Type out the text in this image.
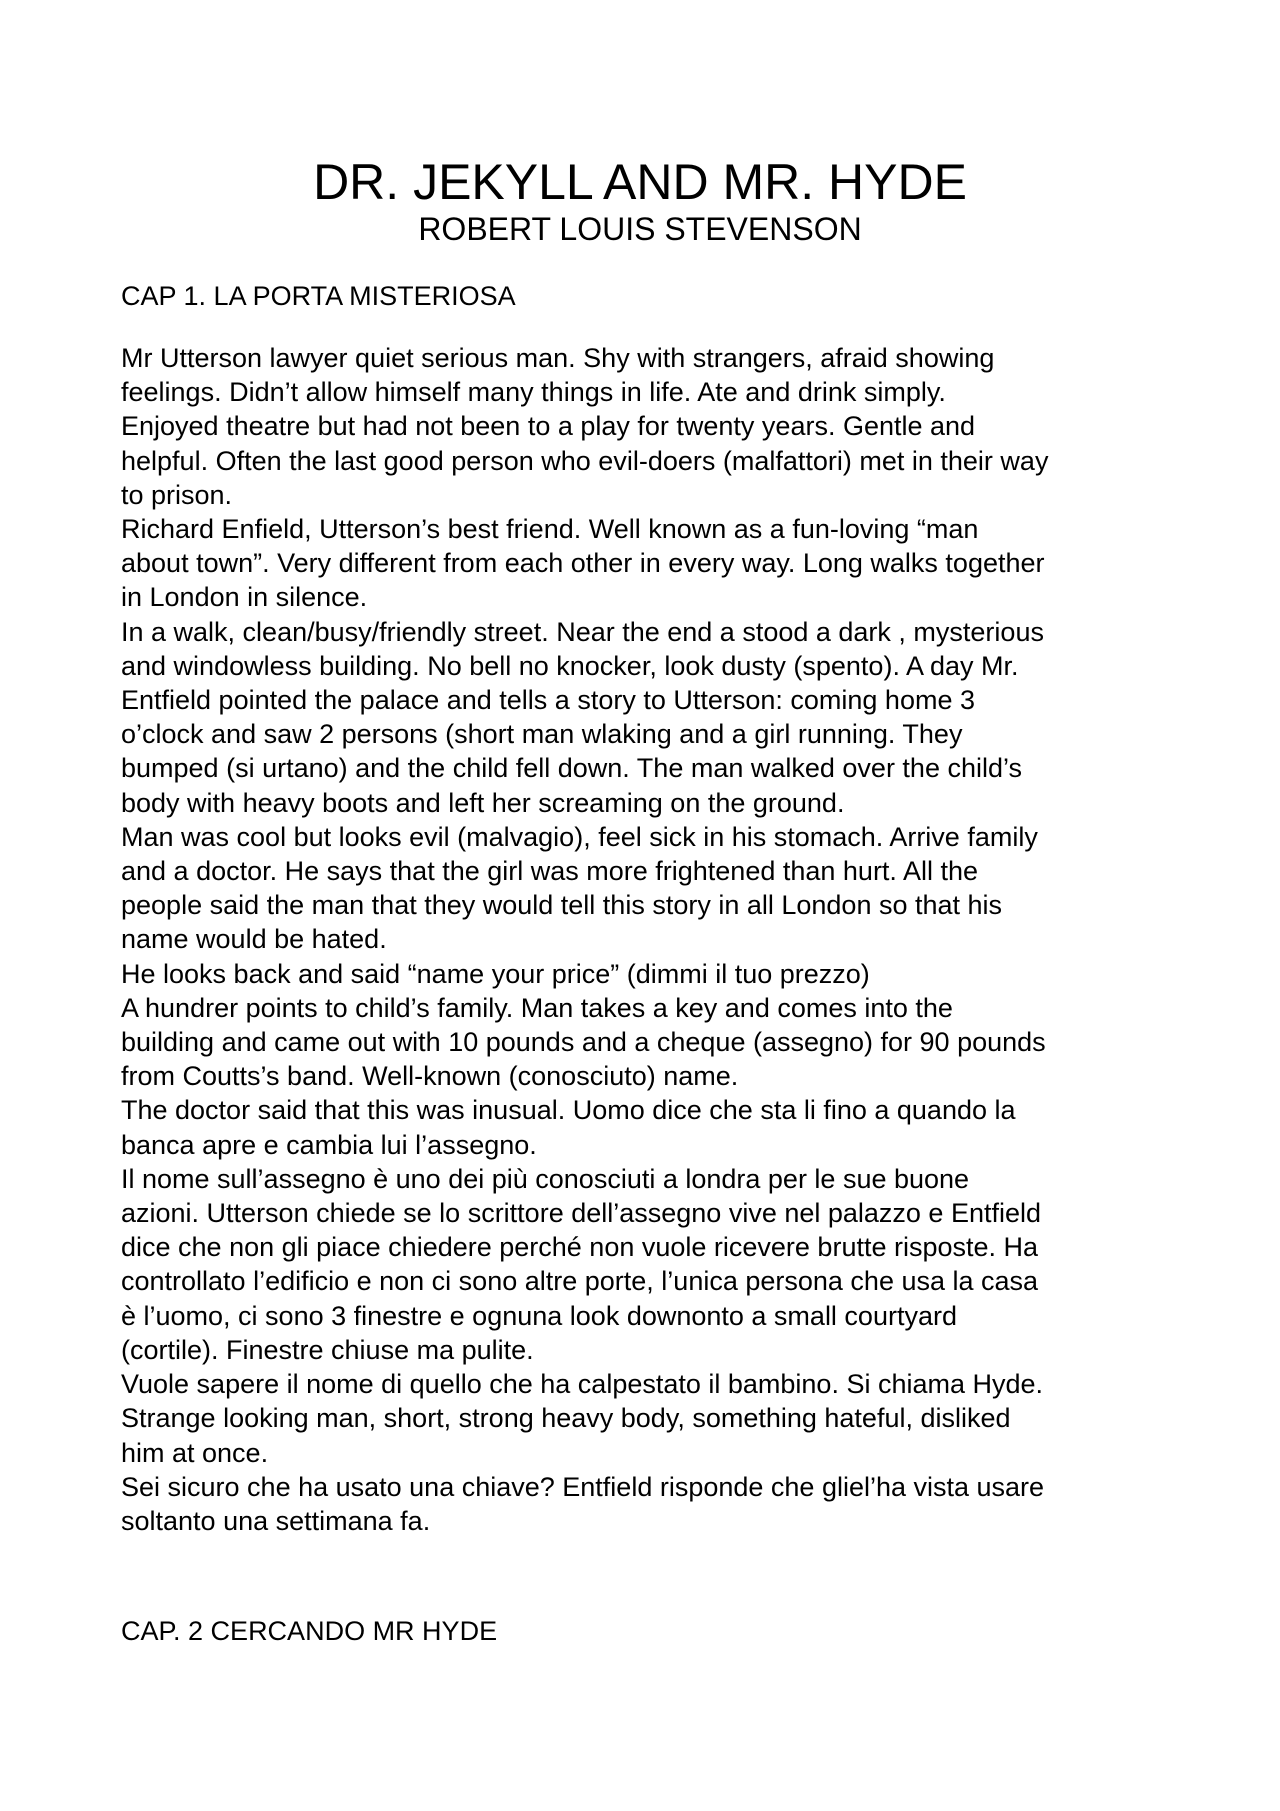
DR. JEKYLL AND MR. HYDE
ROBERT LOUIS STEVENSON
CAP 1. LA PORTA MISTERIOSA

Mr Utterson lawyer quiet serious man. Shy with strangers, afraid showing
feelings. Didn’t allow himself many things in life. Ate and drink simply.
Enjoyed theatre but had not been to a play for twenty years. Gentle and
helpful. Often the last good person who evil-doers (malfattori) met in their way
to prison.

Richard Enfield, Utterson’s best friend. Well known as a fun-loving “man
about town”. Very different from each other in every way. Long walks together
in London in silence.

In a walk, clean/busy/friendly street. Near the end a stood a dark , mysterious
and windowless building. No bell no knocker, look dusty (spento). A day Mr.
Entfield pointed the palace and tells a story to Utterson: coming home 3
o’clock and saw 2 persons (short man wlaking and a girl running. They
bumped (si urtano) and the child fell down. The man walked over the child’s
body with heavy boots and left her screaming on the ground.

Man was cool but looks evil (malvagio), feel sick in his stomach. Arrive family
and a doctor. He says that the girl was more frightened than hurt. All the
people said the man that they would tell this story in all London so that his
name would be hated.

He looks back and said “name your price” (dimmi il tuo prezzo)

A hundrer points to child’s family. Man takes a key and comes into the
building and came out with 10 pounds and a cheque (assegno) for 90 pounds
from Coutts’s band. Well-known (conosciuto) name.

The doctor said that this was inusual. Uomo dice che sta li fino a quando la
banca apre e cambia lui l’assegno.

Il nome sull’assegno è uno dei più conosciuti a londra per le sue buone
azioni. Utterson chiede se lo scrittore dell’assegno vive nel palazzo e Entfield
dice che non gli piace chiedere perché non vuole ricevere brutte risposte. Ha
controllato l’edificio e non ci sono altre porte, l’unica persona che usa la casa
è l’uomo, ci sono 3 finestre e ognuna look downonto a small courtyard
(cortile). Finestre chiuse ma pulite.

Vuole sapere il nome di quello che ha calpestato il bambino. Si chiama Hyde.
Strange looking man, short, strong heavy body, something hateful, disliked
him at once.

Sei sicuro che ha usato una chiave? Entfield risponde che gliel’ha vista usare
soltanto una settimana fa.

CAP. 2 CERCANDO MR HYDE
